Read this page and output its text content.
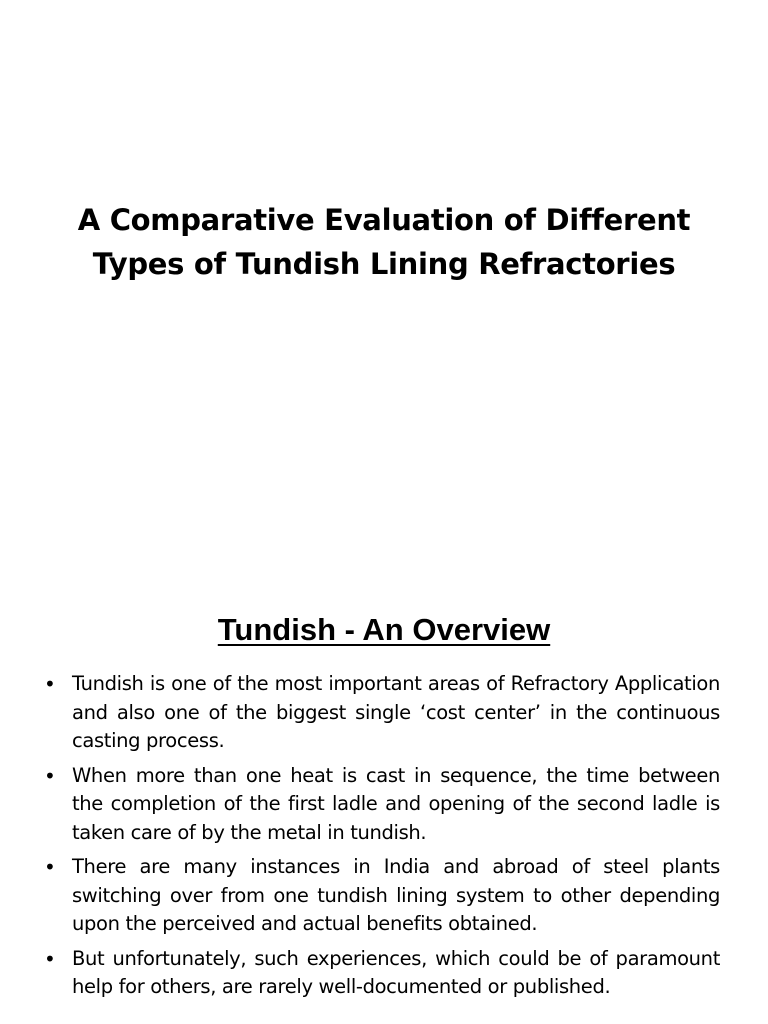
A Comparative Evaluation of Different
Types of Tundish Lining Refractories
Tundish - An Overview
• Tundish is one of the most important areas of Refractory Application and also one of the biggest single ‘cost center’ in the continuous casting process.
• When more than one heat is cast in sequence, the time between the completion of the first ladle and opening of the second ladle is taken care of by the metal in tundish.
• There are many instances in India and abroad of steel plants switching over from one tundish lining system to other depending upon the perceived and actual benefits obtained.
• But unfortunately, such experiences, which could be of paramount help for others, are rarely well-documented or published.
